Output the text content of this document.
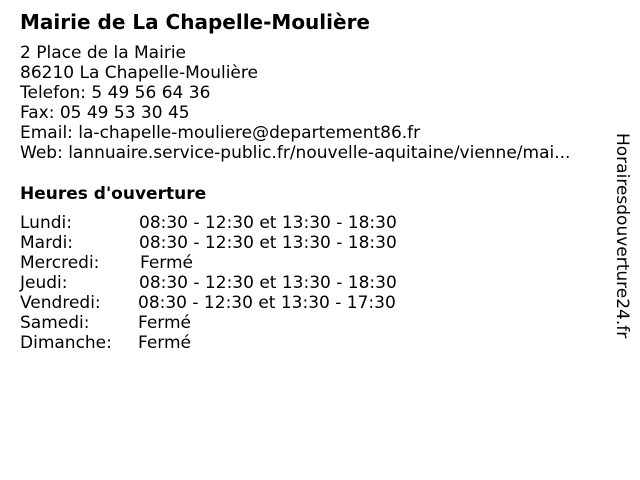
Mairie de La Chapelle-Moulière
2 Place de la Mairie
86210 La Chapelle-Moulière
Telefon: 5 49 56 64 36
Fax: 05 49 53 30 45
Email: la-chapelle-mouliere@departement86.fr
Web: lannuaire.service-public.fr/nouvelle-aquitaine/vienne/mai...
Heures d'ouverture
Lundi:	08:30 - 12:30 et 13:30 - 18:30
Mardi:	08:30 - 12:30 et 13:30 - 18:30
Mercredi: Fermé
Jeudi:	08:30 - 12:30 et 13:30 - 18:30
Vendredi: 08:30 - 12:30 et 13:30 - 17:30
Samedi:	Fermé
Dimanche: Fermé
Horairesdouverture24.fr
